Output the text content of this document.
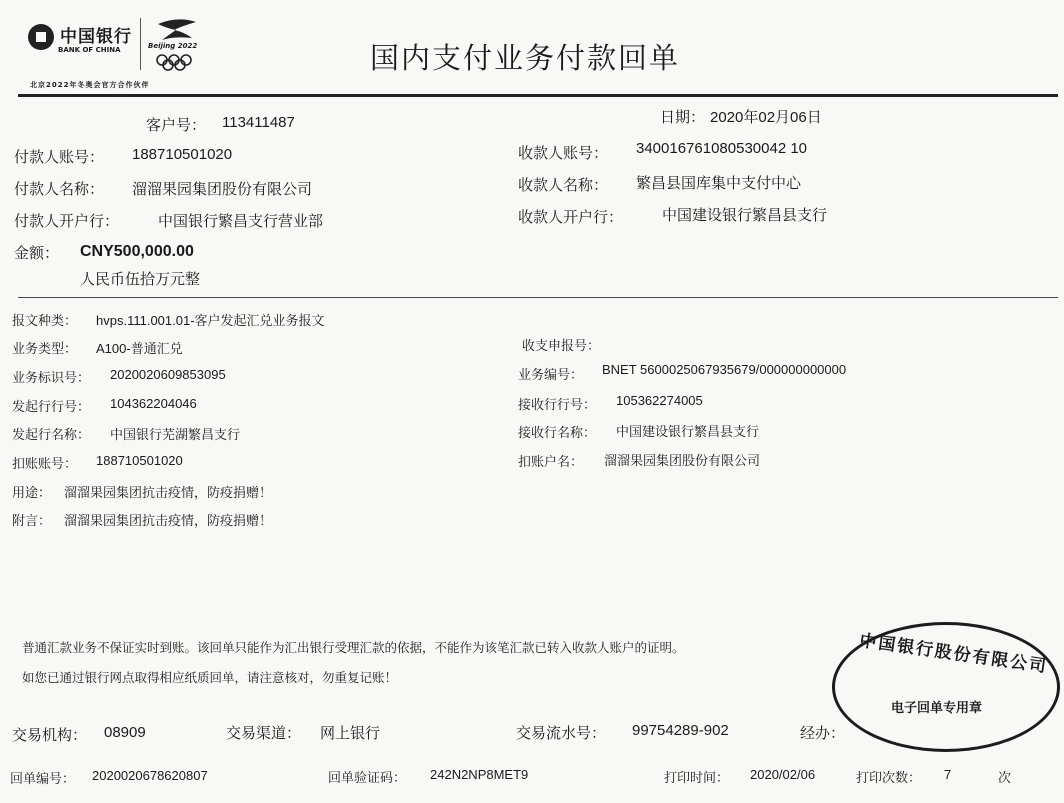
中国银行
BANK OF CHINA	Beijing 2022
北京2022年冬奥会官方合作伙伴
国内支付业务付款回单
客户号： 113411487	日期： 2020年02月06日
付款人账号： 188710501020
付款人名称： 溜溜果园集团股份有限公司
付款人开户行：	中国银行繁昌支行营业部
收款人账号： 340016761080530042 10
收款人名称： 繁昌县国库集中支付中心
收款人开户行：	中国建设银行繁昌县支行
金额： CNY500,000.00
人民币伍拾万元整
报文种类： hvps.111.001.01-客户发起汇兑业务报文
业务类型： A100-普通汇兑
业务标识号： 2020020609853095
发起行行号： 104362204046
发起行名称： 中国银行芜湖繁昌支行
扣账账号： 188710501020
用途： 溜溜果园集团抗击疫情，防疫捐赠！
附言： 溜溜果园集团抗击疫情，防疫捐赠！
收支申报号：
业务编号： BNET 5600025067935679/000000000000
接收行行号： 105362274005
接收行名称： 中国建设银行繁昌县支行
扣账户名： 溜溜果园集团股份有限公司
普通汇款业务不保证实时到账。该回单只能作为汇出银行受理汇款的依据，不能作为该笔汇款已转入收款人账户的证明。
如您已通过银行网点取得相应纸质回单，请注意核对，勿重复记账！
中国银行股份有限公司
电子回单专用章
交易机构： 08909	交易渠道： 网上银行	交易流水号： 99754289-902	经办：
回单编号： 2020020678620807	回单验证码： 242N2NP8MET9	打印时间： 2020/02/06	打印次数： 7	次
